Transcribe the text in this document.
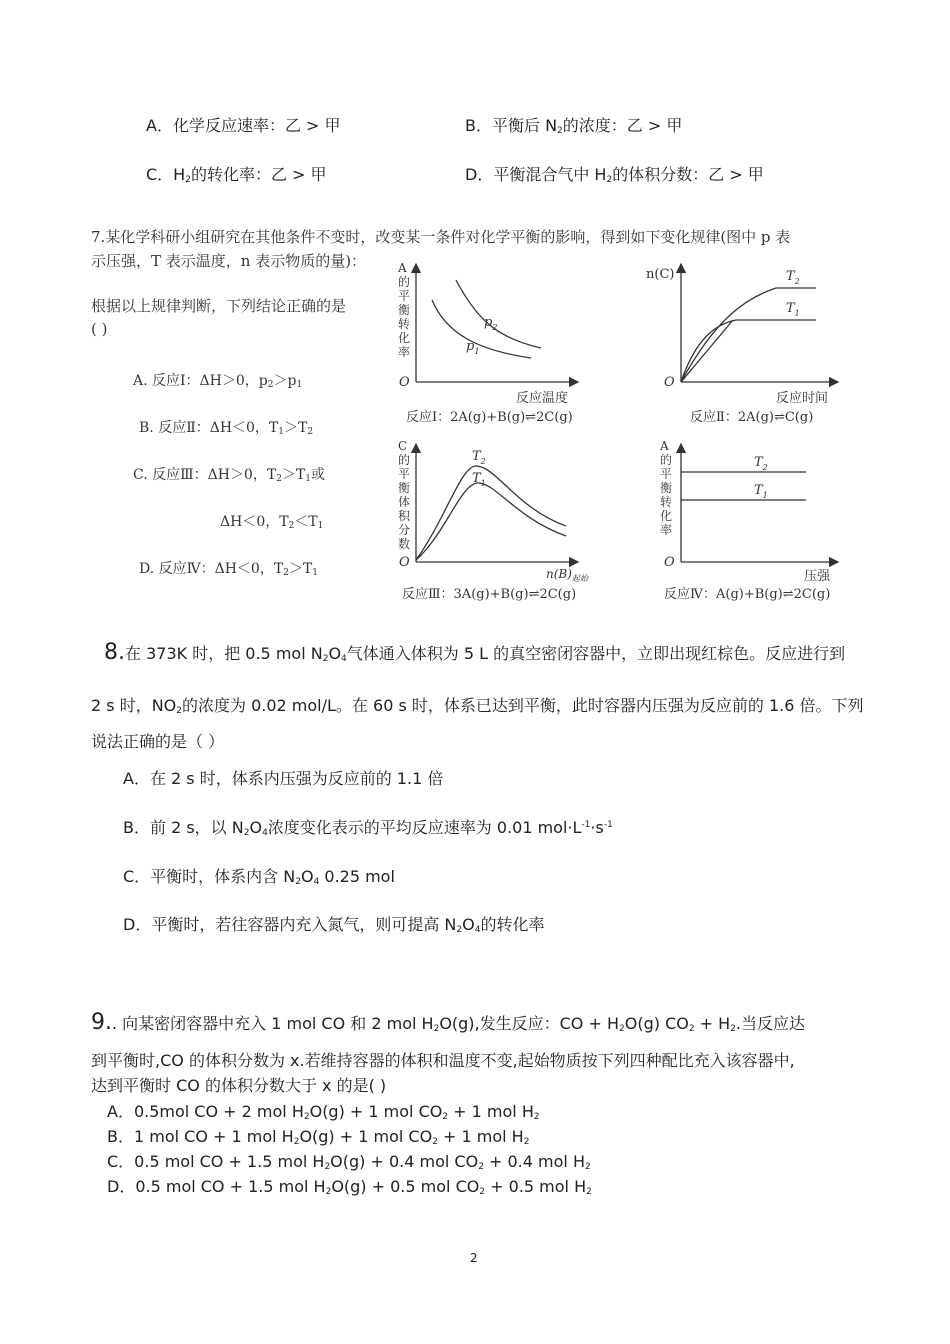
A．化学反应速率：乙 > 甲	B．平衡后 $N_2$的浓度：乙 > 甲
C．$H_2$的转化率：乙 > 甲	D．平衡混合气中 $H_2$的体积分数：乙 > 甲
7.某化学科研小组研究在其他条件不变时，改变某一条件对化学平衡的影响，得到如下变化规律(图中 p 表
示压强，T 表示温度，n 表示物质的量)：
根据以上规律判断，下列结论正确的是
( )
A. 反应Ⅰ：ΔH＞0，$p_2>p_1$
B. 反应Ⅱ：ΔH＜0，$T_1>T_2$
C. 反应Ⅲ：ΔH＞0，$T_2>T_1$或
ΔH＜0，$T_2<T_1$
D. 反应Ⅳ：ΔH＜0，$T_2>T_1$
$p_2$
$p_1$
O
反应温度
反应Ⅰ：2A(g)+B(g)⇌2C(g)
A
的
平
衡
转
化
率
$T_2$
$T_1$
n(C)
O
反应时间
反应Ⅱ：2A(g)⇌C(g)
$T_2$
$T_1$
O
$n(B)_{起始}$
反应Ⅲ：3A(g)+B(g)⇌2C(g)
C
的
平
衡
体
积
分
数
$T_2$
$T_1$
O
压强
反应Ⅳ：A(g)+B(g)⇌2C(g)
A
的
平
衡
转
化
率
8.在 373K 时，把 0.5 mol $N_2O_4$气体通入体积为 5 L 的真空密闭容器中，立即出现红棕色。反应进行到
2 s 时，$NO_2$的浓度为 0.02 mol/L。在 60 s 时，体系已达到平衡，此时容器内压强为反应前的 1.6 倍。下列
说法正确的是（ ）
A．在 2 s 时，体系内压强为反应前的 1.1 倍
B．前 2 s，以 $N_2O_4$浓度变化表示的平均反应速率为 0.01 $mol\cdot L^{-1}\cdot s^{-1}$
C．平衡时，体系内含 $N_2O_4$ 0.25 mol
D．平衡时，若往容器内充入氮气，则可提高 $N_2O_4$的转化率
9.. 向某密闭容器中充入 1 mol CO 和 2 mol $H_2O(g)$,发生反应：CO + $H_2O(g) CO_2 + H_2$.当反应达
到平衡时,CO 的体积分数为 x.若维持容器的体积和温度不变,起始物质按下列四种配比充入该容器中,
达到平衡时 CO 的体积分数大于 x 的是( )
A．0.5mol CO + 2 mol $H_2O(g) + 1$ mol $CO_2 + 1$ mol $H_2$
B．1 mol CO + 1 mol $H_2O(g) + 1$ mol $CO_2 + 1$ mol $H_2$
C．0.5 mol CO + 1.5 mol $H_2O(g) + 0.4$ mol $CO_2 + 0.4$ mol $H_2$
D．0.5 mol CO + 1.5 mol $H_2O(g) + 0.5$ mol $CO_2 + 0.5$ mol $H_2$
2
